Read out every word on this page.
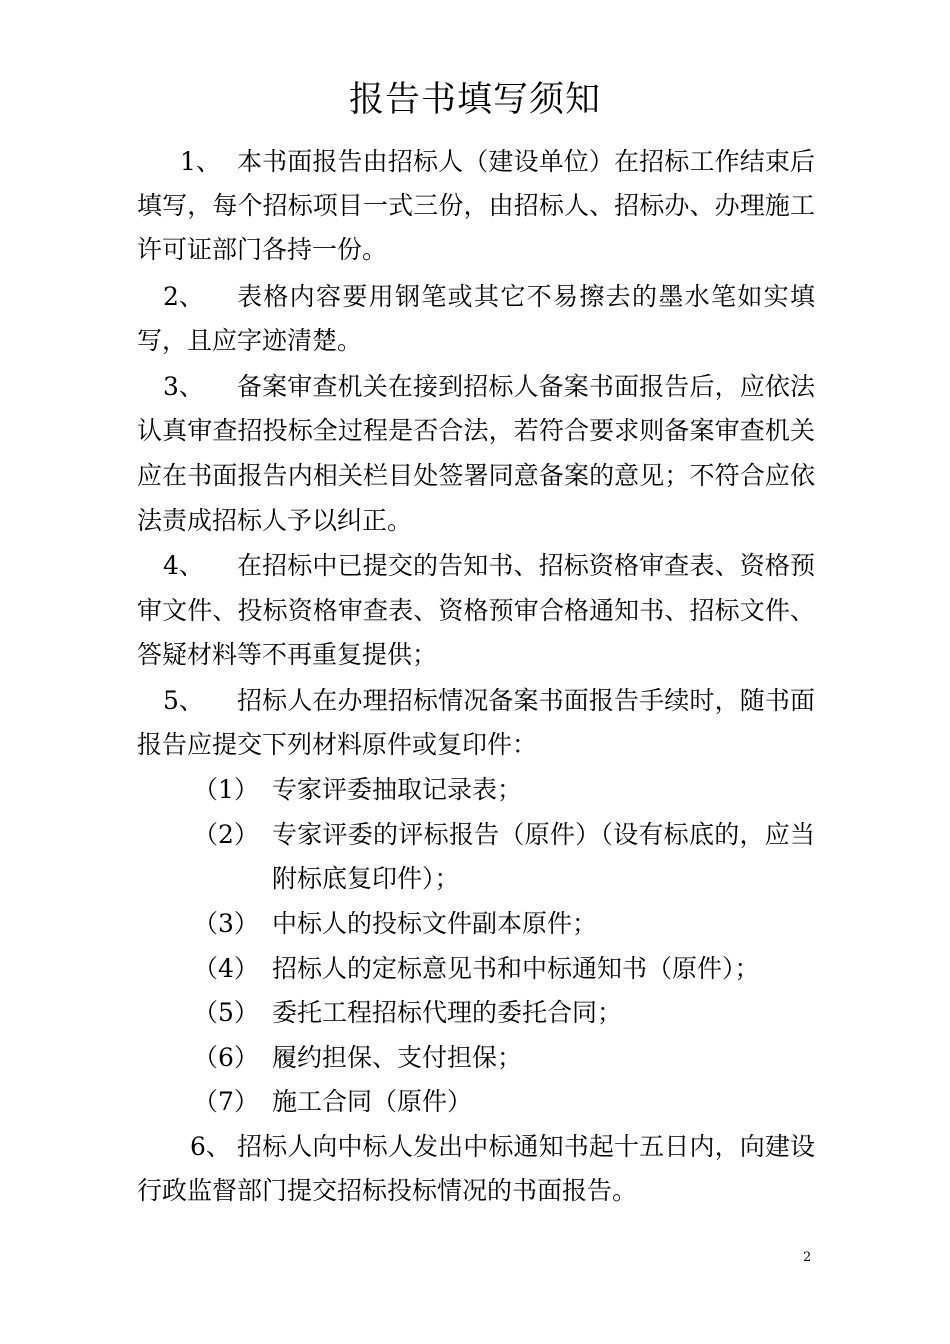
报告书填写须知
1、 本书面报告由招标人（建设单位）在招标工作结束后
填写，每个招标项目一式三份，由招标人、招标办、办理施工
许可证部门各持一份。
2、 表格内容要用钢笔或其它不易擦去的墨水笔如实填
写，且应字迹清楚。
3、 备案审查机关在接到招标人备案书面报告后，应依法
认真审查招投标全过程是否合法，若符合要求则备案审查机关
应在书面报告内相关栏目处签署同意备案的意见；不符合应依
法责成招标人予以纠正。
4、 在招标中已提交的告知书、招标资格审查表、资格预
审文件、投标资格审查表、资格预审合格通知书、招标文件、
答疑材料等不再重复提供；
5、 招标人在办理招标情况备案书面报告手续时，随书面
报告应提交下列材料原件或复印件：
（1） 专家评委抽取记录表；
（2） 专家评委的评标报告（原件）（设有标底的，应当
附标底复印件）；
（3） 中标人的投标文件副本原件；
（4） 招标人的定标意见书和中标通知书（原件）；
（5） 委托工程招标代理的委托合同；
（6） 履约担保、支付担保；
（7） 施工合同（原件）
6、 招标人向中标人发出中标通知书起十五日内，向建设
行政监督部门提交招标投标情况的书面报告。
2
